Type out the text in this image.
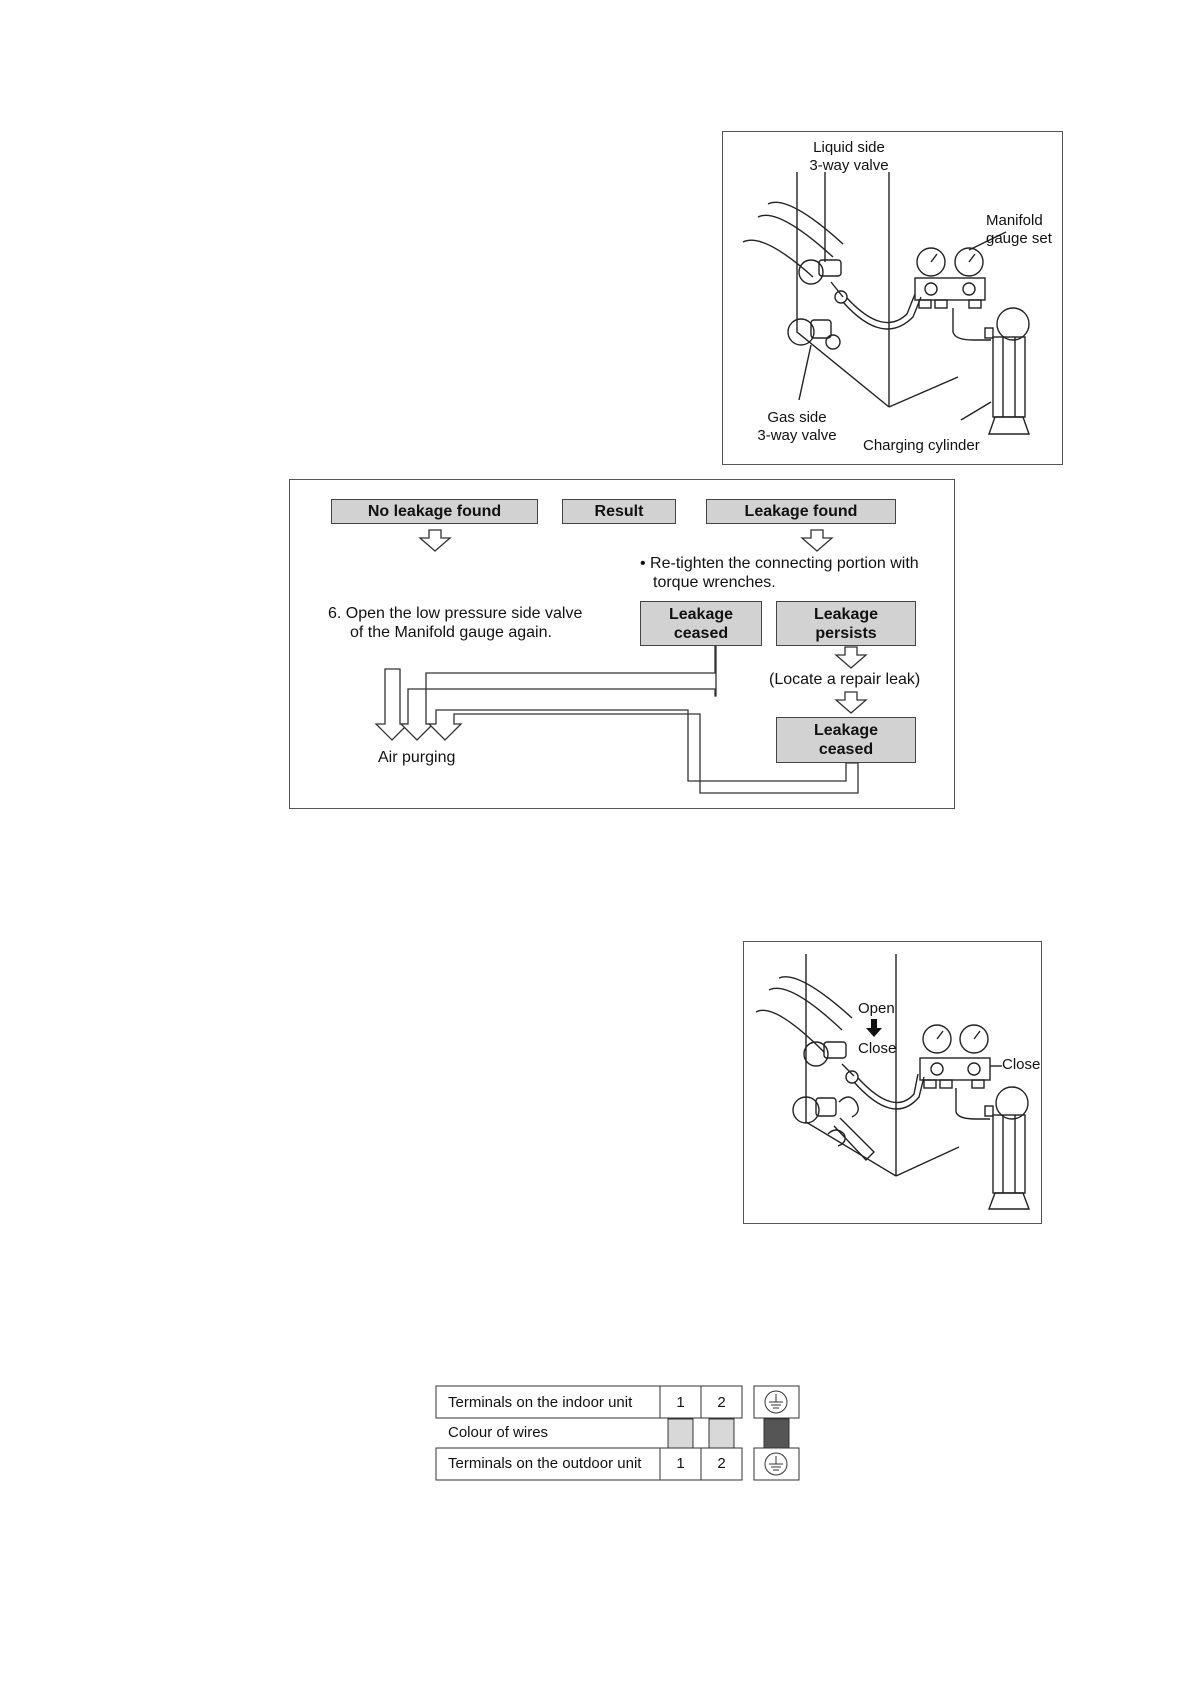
Liquid side
3-way valve
Manifold
gauge set
Gas side
3-way valve
Charging cylinder
No leakage found	Result	Leakage found
• Re-tighten the connecting portion with
torque wrenches.
6. Open the low pressure side valve
of the Manifold gauge again.
Leakage ceased
Leakage persists
(Locate a repair leak)
Leakage ceased
Air purging
Open
Close
Close
Terminals on the indoor unit	1	2
Colour of wires
Terminals on the outdoor unit	1	2
